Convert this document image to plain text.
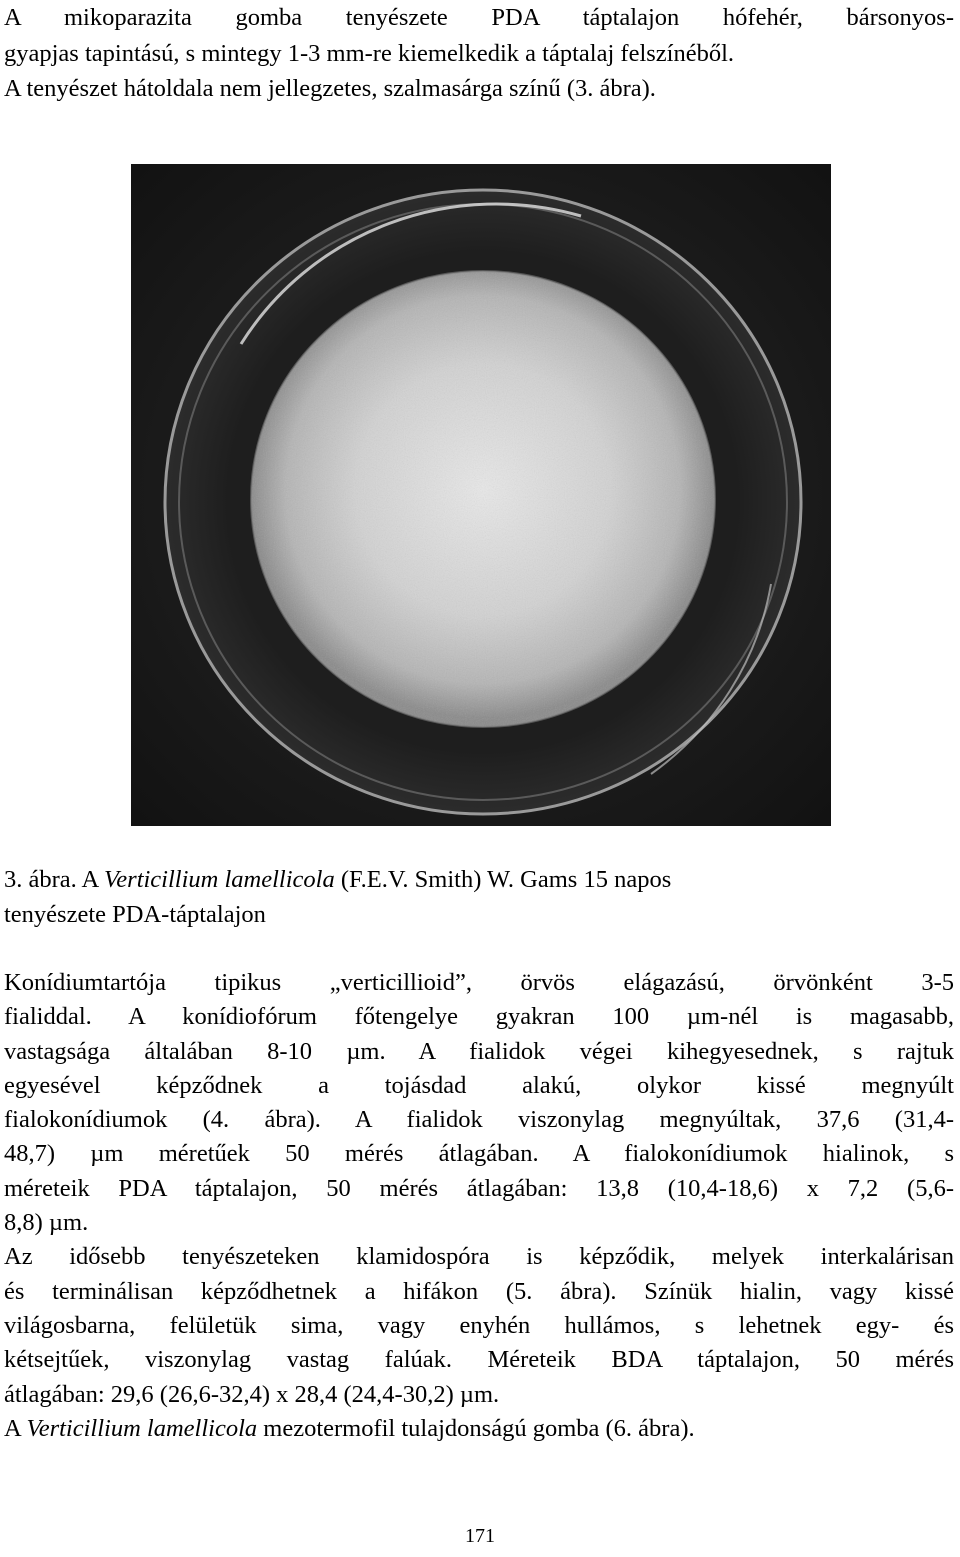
A mikoparazita gomba tenyészete PDA táptalajon hófehér, bársonyos-
gyapjas tapintású, s mintegy 1-3 mm-re kiemelkedik a táptalaj felszínéből.
A tenyészet hátoldala nem jellegzetes, szalmasárga színű (3. ábra).
3. ábra. A Verticillium lamellicola (F.E.V. Smith) W. Gams 15 napos
tenyészete PDA-táptalajon
Konídiumtartója tipikus „verticillioid”, örvös elágazású, örvönként 3-5
fialiddal. A konídiofórum főtengelye gyakran 100 µm-nél is magasabb,
vastagsága általában 8-10 µm. A fialidok végei kihegyesednek, s rajtuk
egyesével képződnek a tojásdad alakú, olykor kissé megnyúlt
fialokonídiumok (4. ábra). A fialidok viszonylag megnyúltak, 37,6 (31,4-
48,7) µm méretűek 50 mérés átlagában. A fialokonídiumok hialinok, s
méreteik PDA táptalajon, 50 mérés átlagában: 13,8 (10,4-18,6) x 7,2 (5,6-
8,8) µm.
Az idősebb tenyészeteken klamidospóra is képződik, melyek interkalárisan
és terminálisan képződhetnek a hifákon (5. ábra). Színük hialin, vagy kissé
világosbarna, felületük sima, vagy enyhén hullámos, s lehetnek egy- és
kétsejtűek, viszonylag vastag falúak. Méreteik BDA táptalajon, 50 mérés
átlagában: 29,6 (26,6-32,4) x 28,4 (24,4-30,2) µm.
A Verticillium lamellicola mezotermofil tulajdonságú gomba (6. ábra).
171
